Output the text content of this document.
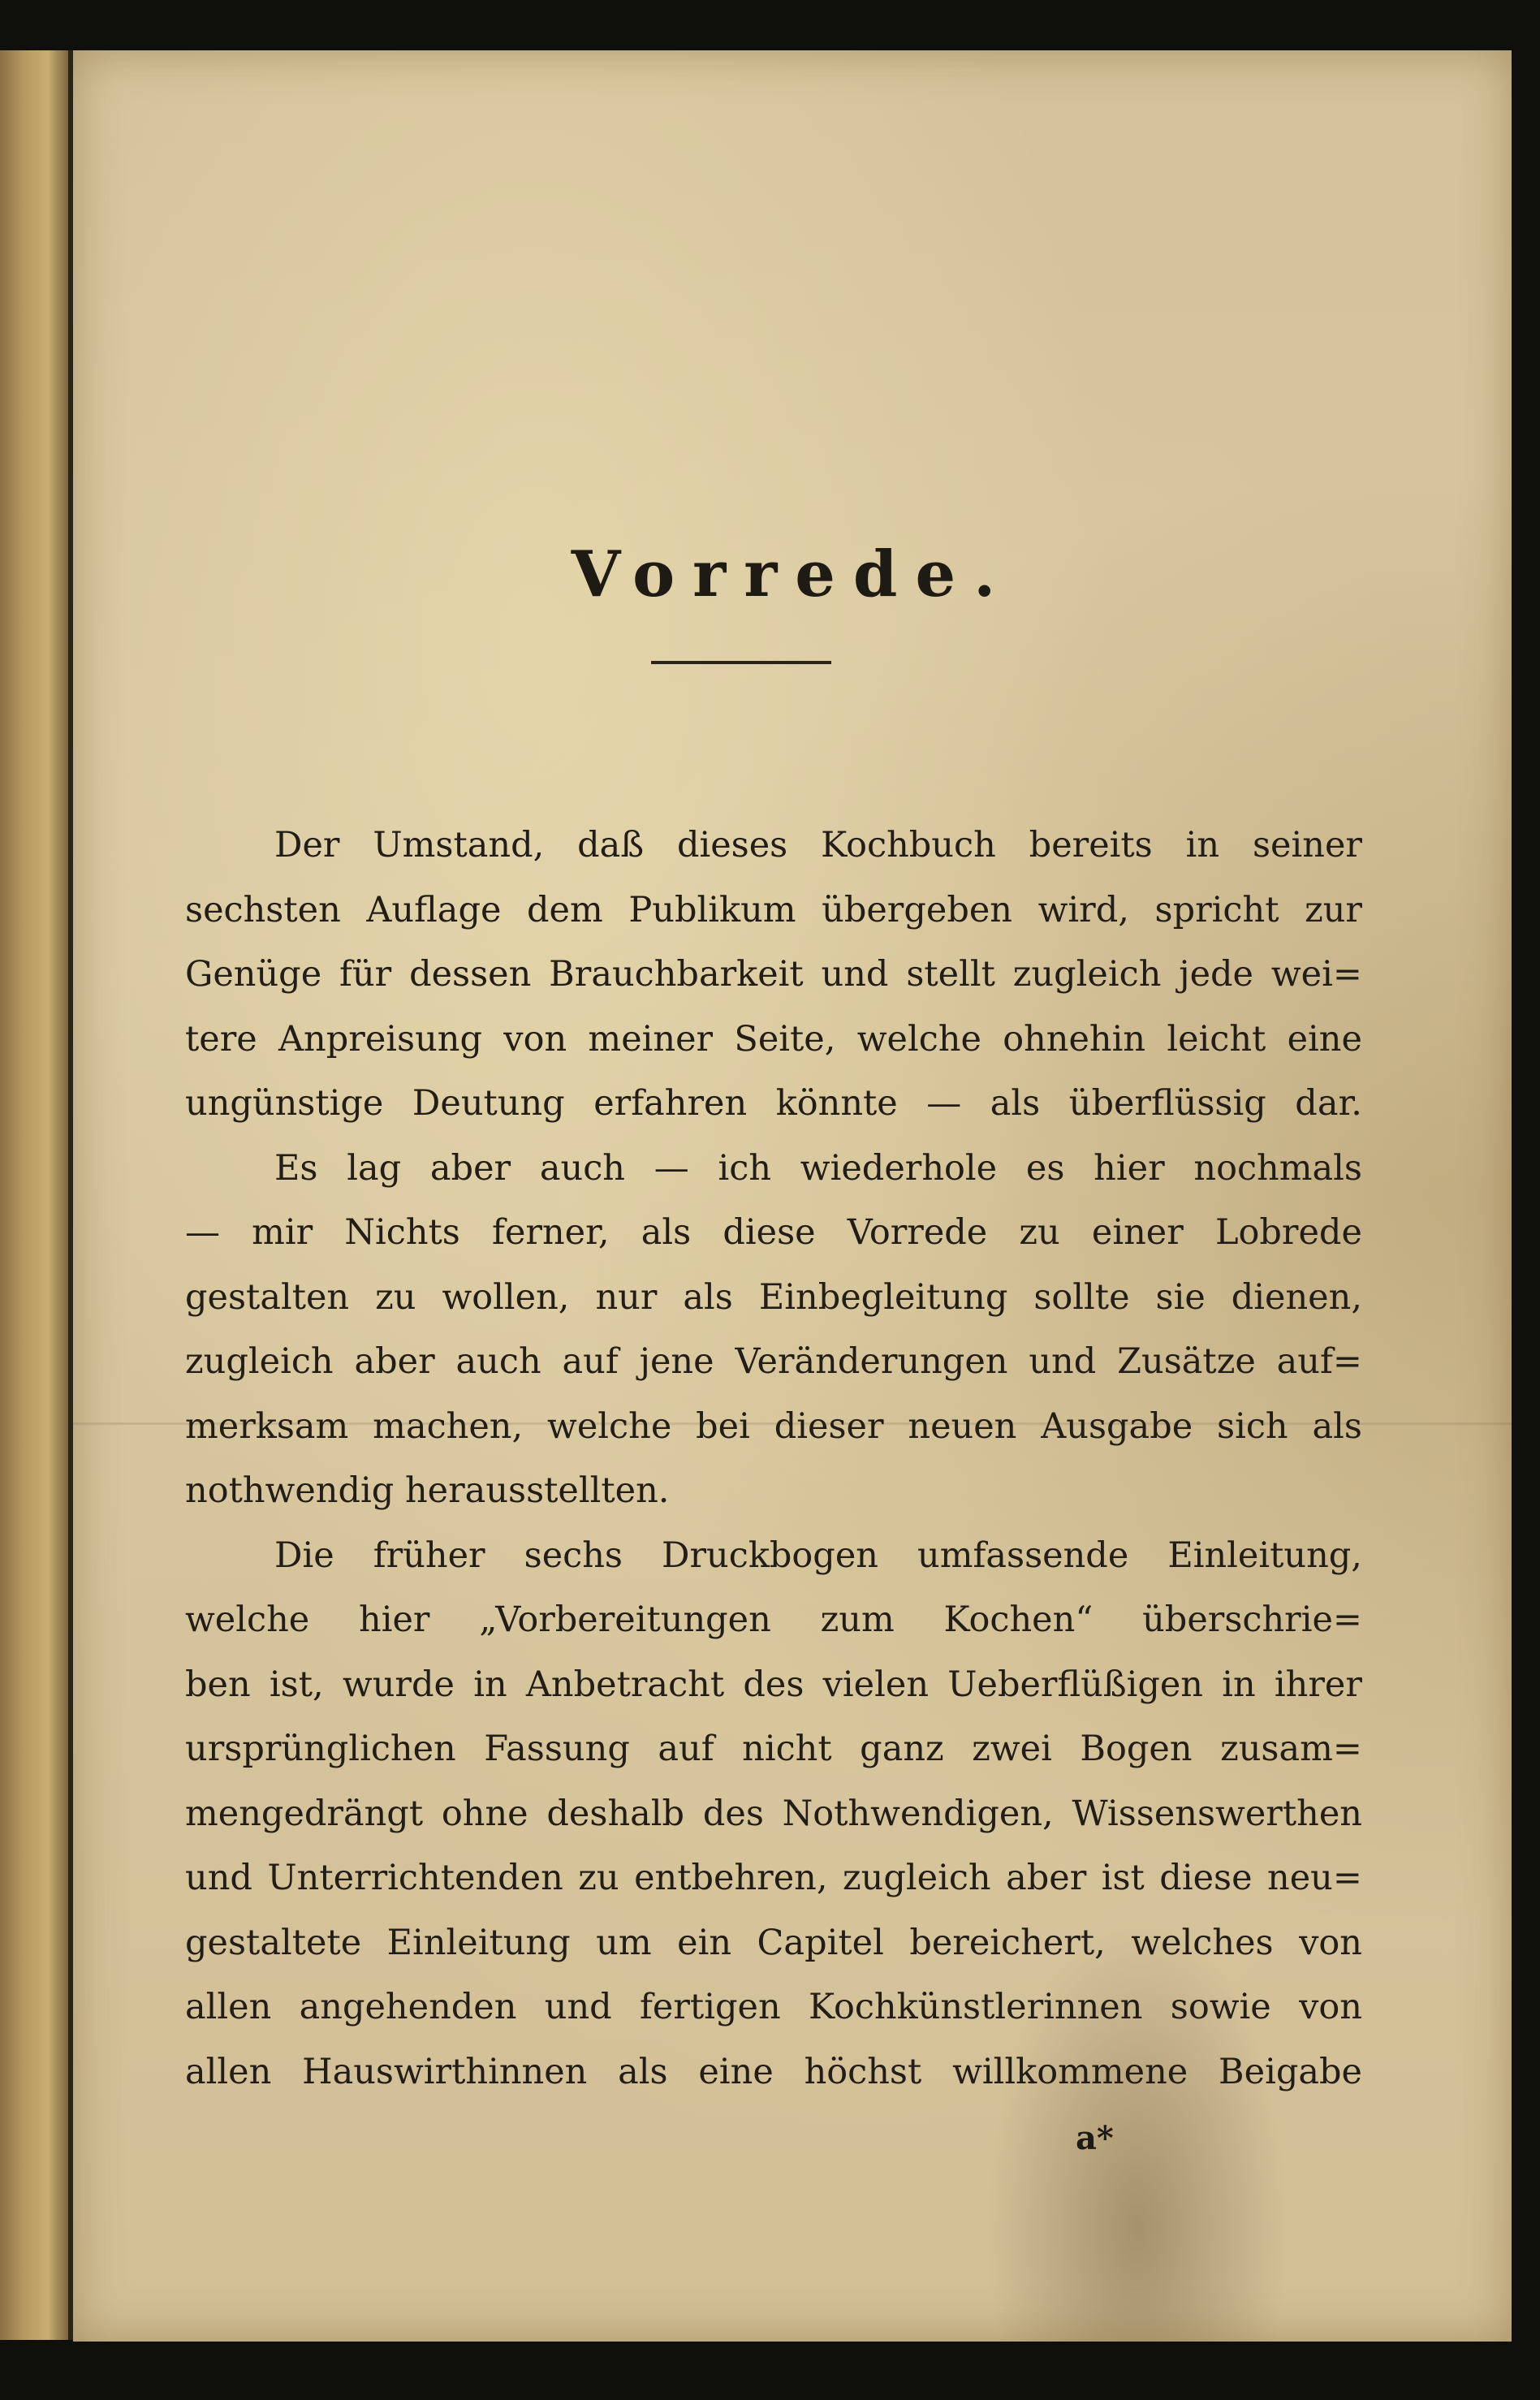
Vorrede.
Der Umstand, daß dieses Kochbuch bereits in seiner
sechsten Auflage dem Publikum übergeben wird, spricht zur
Genüge für dessen Brauchbarkeit und stellt zugleich jede wei=
tere Anpreisung von meiner Seite, welche ohnehin leicht eine
ungünstige Deutung erfahren könnte — als überflüssig dar.
Es lag aber auch — ich wiederhole es hier nochmals
— mir Nichts ferner, als diese Vorrede zu einer Lobrede
gestalten zu wollen, nur als Einbegleitung sollte sie dienen,
zugleich aber auch auf jene Veränderungen und Zusätze auf=
merksam machen, welche bei dieser neuen Ausgabe sich als
nothwendig herausstellten.
Die früher sechs Druckbogen umfassende Einleitung,
welche hier „Vorbereitungen zum Kochen“ überschrie=
ben ist, wurde in Anbetracht des vielen Ueberflüßigen in ihrer
ursprünglichen Fassung auf nicht ganz zwei Bogen zusam=
mengedrängt ohne deshalb des Nothwendigen, Wissenswerthen
und Unterrichtenden zu entbehren, zugleich aber ist diese neu=
gestaltete Einleitung um ein Capitel bereichert, welches von
allen angehenden und fertigen Kochkünstlerinnen sowie von
allen Hauswirthinnen als eine höchst willkommene Beigabe
a*
